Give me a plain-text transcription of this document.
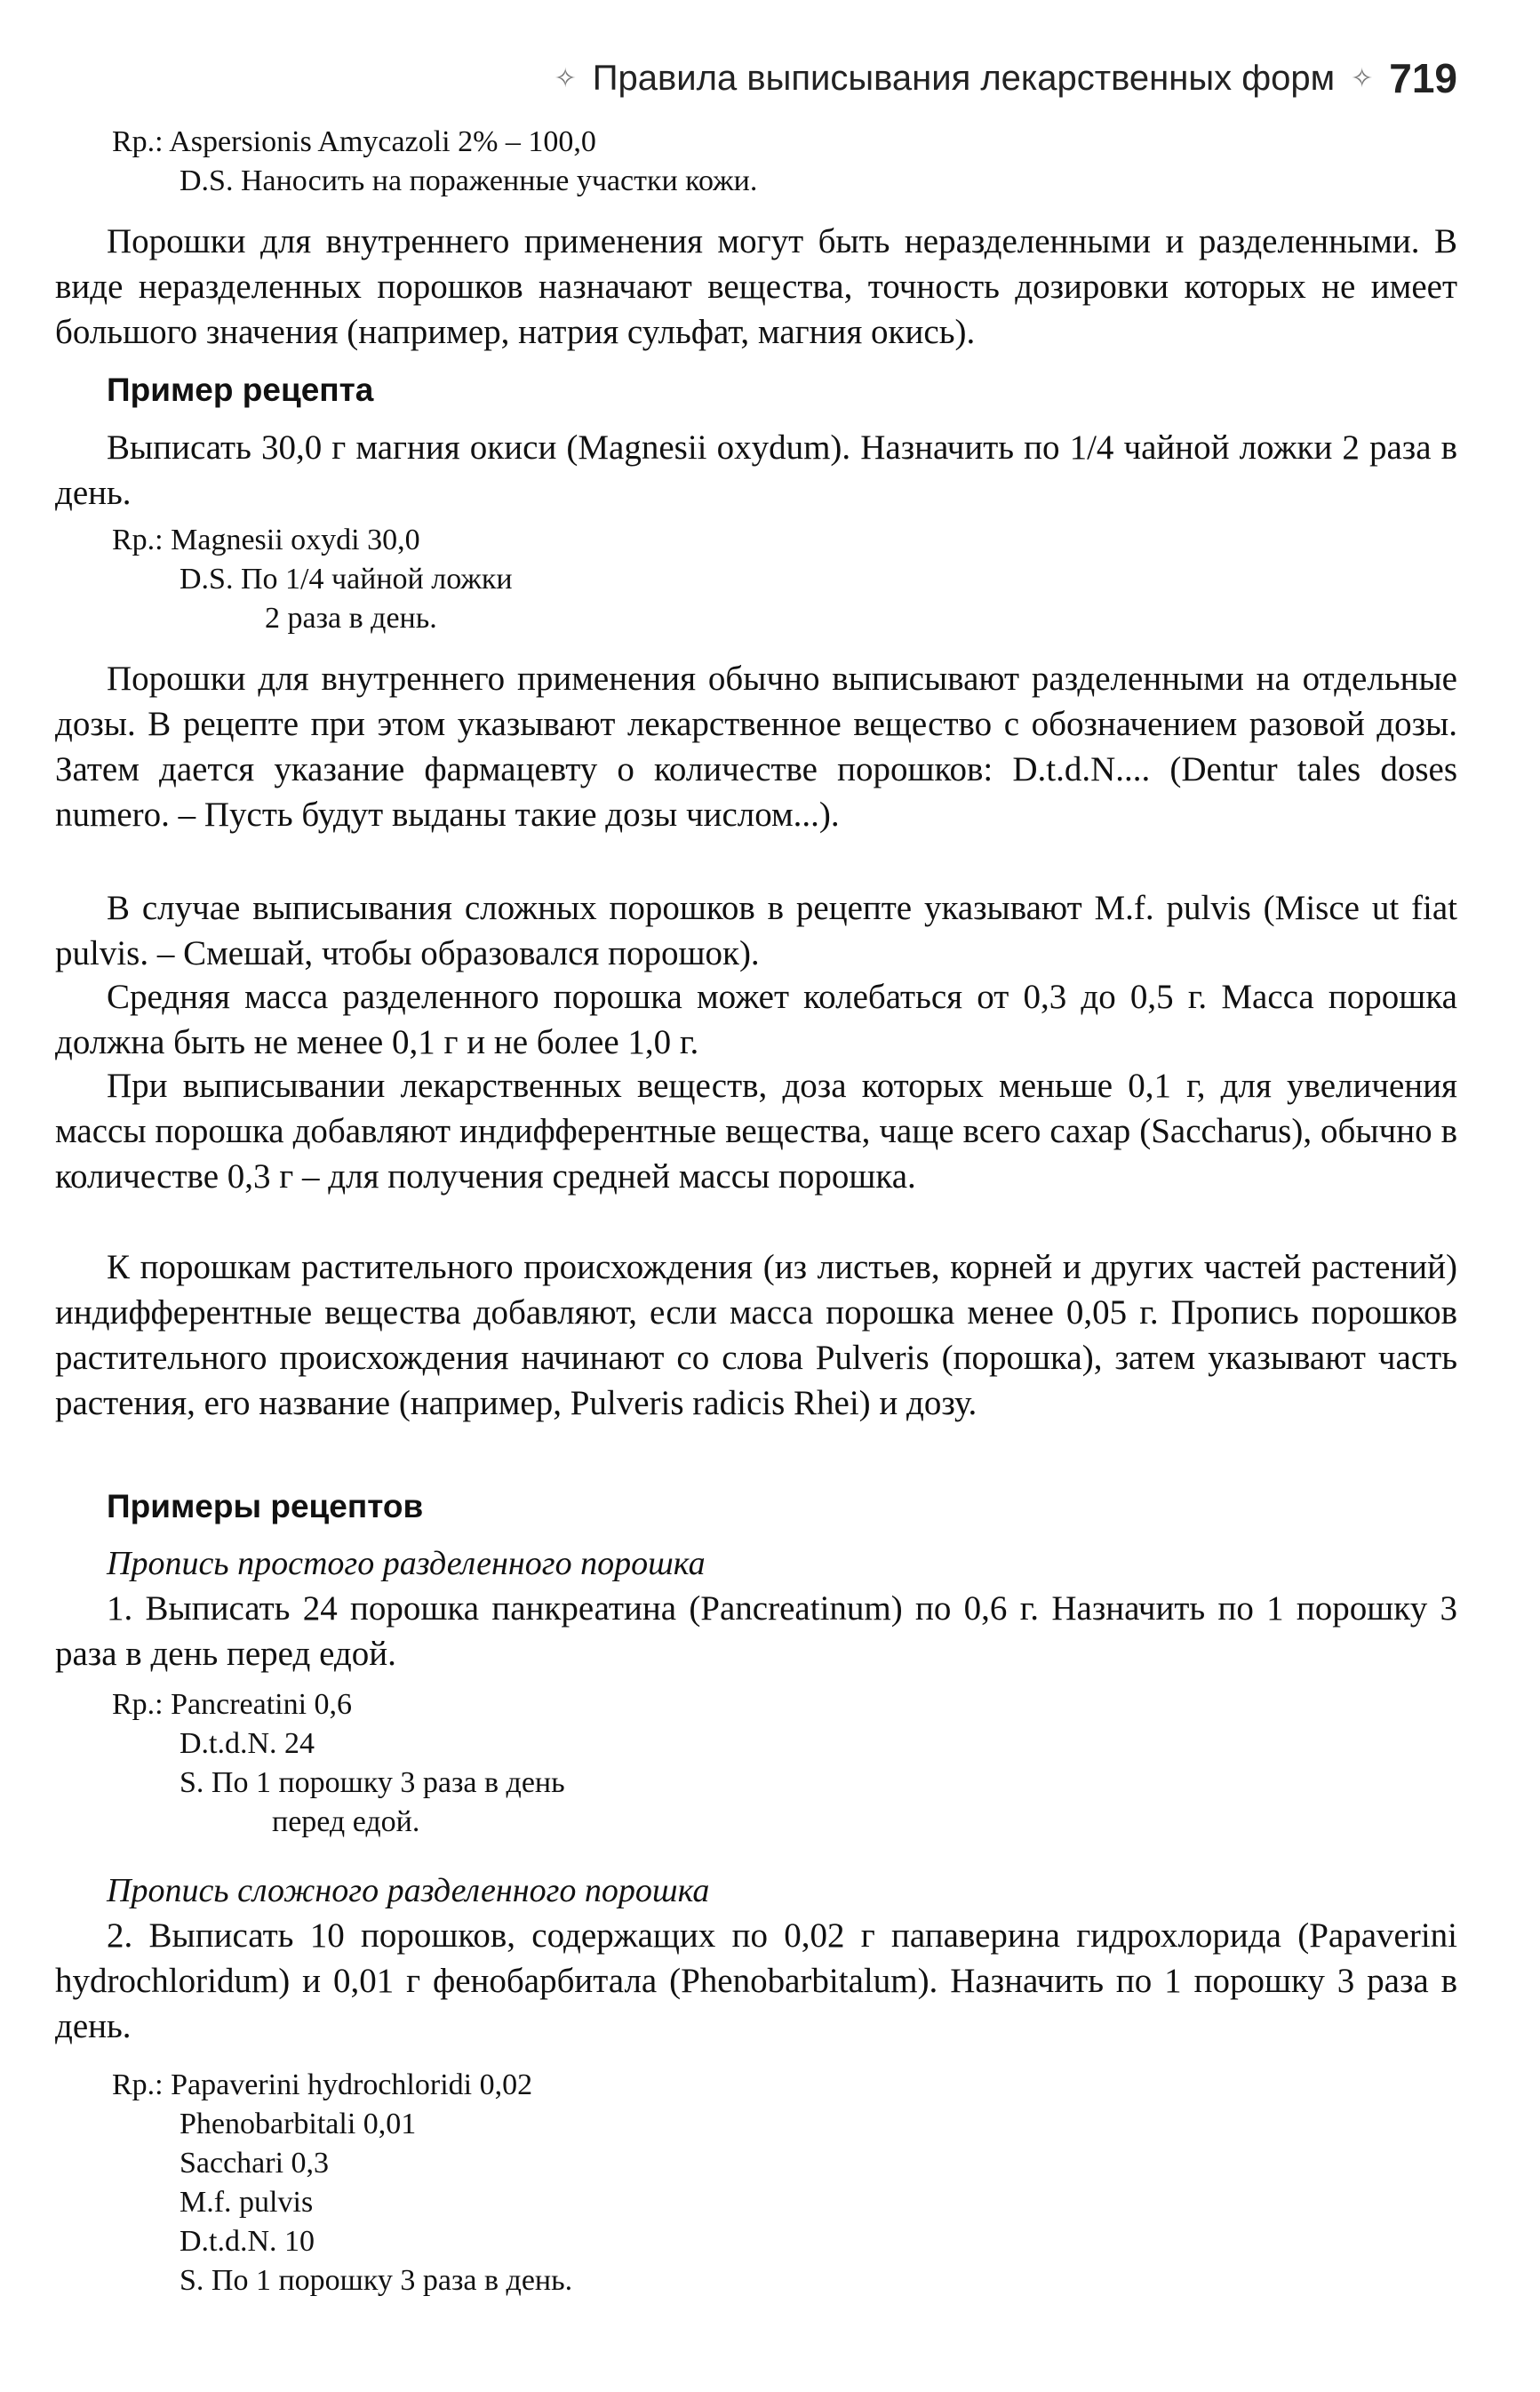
✧ Правила выписывания лекарственных форм ✧ 719
Rp.: Aspersionis Amycazoli 2% – 100,0
D.S. Наносить на пораженные участки кожи.
Порошки для внутреннего применения могут быть неразделенными и разделенными. В виде неразделенных порошков назначают вещества, точность дозировки которых не имеет большого значения (например, натрия сульфат, магния окись).
Пример рецепта
Выписать 30,0 г магния окиси (Magnesii oxydum). Назначить по 1/4 чайной ложки 2 раза в день.
Rp.: Magnesii oxydi 30,0
D.S. По 1/4 чайной ложки
2 раза в день.
Порошки для внутреннего применения обычно выписывают разделенными на отдельные дозы. В рецепте при этом указывают лекарственное вещество с обозначением разовой дозы. Затем дается указание фармацевту о количестве порошков: D.t.d.N.... (Dentur tales doses numero. – Пусть будут выданы такие дозы числом...).
В случае выписывания сложных порошков в рецепте указывают M.f. pulvis (Misce ut fiat pulvis. – Смешай, чтобы образовался порошок).
Средняя масса разделенного порошка может колебаться от 0,3 до 0,5 г. Масса порошка должна быть не менее 0,1 г и не более 1,0 г.
При выписывании лекарственных веществ, доза которых меньше 0,1 г, для увеличения массы порошка добавляют индифферентные вещества, чаще всего сахар (Saccharus), обычно в количестве 0,3 г – для получения средней массы порошка.
К порошкам растительного происхождения (из листьев, корней и других частей растений) индифферентные вещества добавляют, если масса порошка менее 0,05 г. Пропись порошков растительного происхождения начинают со слова Pulveris (порошка), затем указывают часть растения, его название (например, Pulveris radicis Rhei) и дозу.
Примеры рецептов
Пропись простого разделенного порошка
1. Выписать 24 порошка панкреатина (Pancreatinum) по 0,6 г. Назначить по 1 порошку 3 раза в день перед едой.
Rp.: Pancreatini 0,6
D.t.d.N. 24
S. По 1 порошку 3 раза в день
перед едой.
Пропись сложного разделенного порошка
2. Выписать 10 порошков, содержащих по 0,02 г папаверина гидрохлорида (Papaverini hydrochloridum) и 0,01 г фенобарбитала (Phenobarbitalum). Назначить по 1 порошку 3 раза в день.
Rp.: Papaverini hydrochloridi 0,02
Phenobarbitali 0,01
Sacchari 0,3
M.f. pulvis
D.t.d.N. 10
S. По 1 порошку 3 раза в день.
